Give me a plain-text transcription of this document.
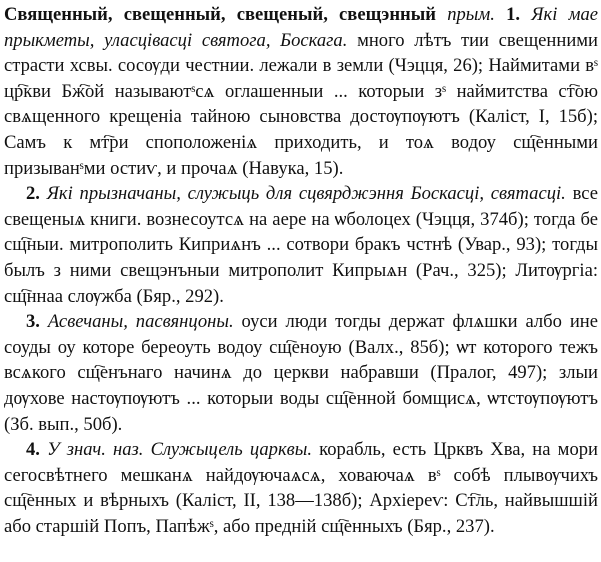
Священный, свещенный, свещеный, свещэнный прым. 1. Які мае прыкметы, уласцівасці святога, Боскага. много лѣтъ тии свещенними страсти хсвы. сосѹди честнии. лежали в земли (Чэцця, 26); Наймитами вˢ цр҇кви Бж҇ой называютˢсѧ оглашенныи ... которыи зˢ наймитства ст҇ою свѧщенного крещенiа тайною сыновства достѹпѹютъ (Каліст, I, 15б); Самъ к мт҇ри споположенiѧ приходить, и тоѧ водоу сщ҇енными призыванˢми остиѵ, и прочаѧ (Навука, 15).

2. Які прызначаны, служыць для сцвярджэння Боскасці, святасці. все свещеныѧ книги. вознесоутсѧ на аере на ѡболоцех (Чэцця, 374б); тогда бе сщ҇ныи. митрополить Киприѧнъ ... сотвори бракъ чстнѣ (Увар., 93); тогды былъ з ними свещэнъныи митрополит Кипрыѧн (Рач., 325); Литѹргia: сщ҇ннаа слѹжба (Бяр., 292).

3. Асвечаны, пасвянцоны. оуси люди тогды держат флѧшки албо ине соуды оу которе береоуть водоу сщ҇еноую (Валх., 85б); ѡт которого тежъ всѧкого сщ҇енънаго начинѧ до церкви набравши (Пралог, 497); злыи дѹхове настѹпѹютъ ... которыи воды сщ҇енной бомщисѧ, ѡтстѹпѹютъ (Зб. вып., 50б).

4. У знач. наз. Служыцель царквы. корабль, есть Црквъ Хва, на мори сегосвѣтнего мешканѧ найдѹючаѧсѧ, ховаючаѧ вˢ собѣ плывѹчихъ сщ҇енных и вѣрныхъ (Каліст, II, 138—138б); Архіереѵ: Ст҇ль, найвышшій або старшій Попъ, Папѣжˢ, або предній сщ҇енныхъ (Бяр., 237).
